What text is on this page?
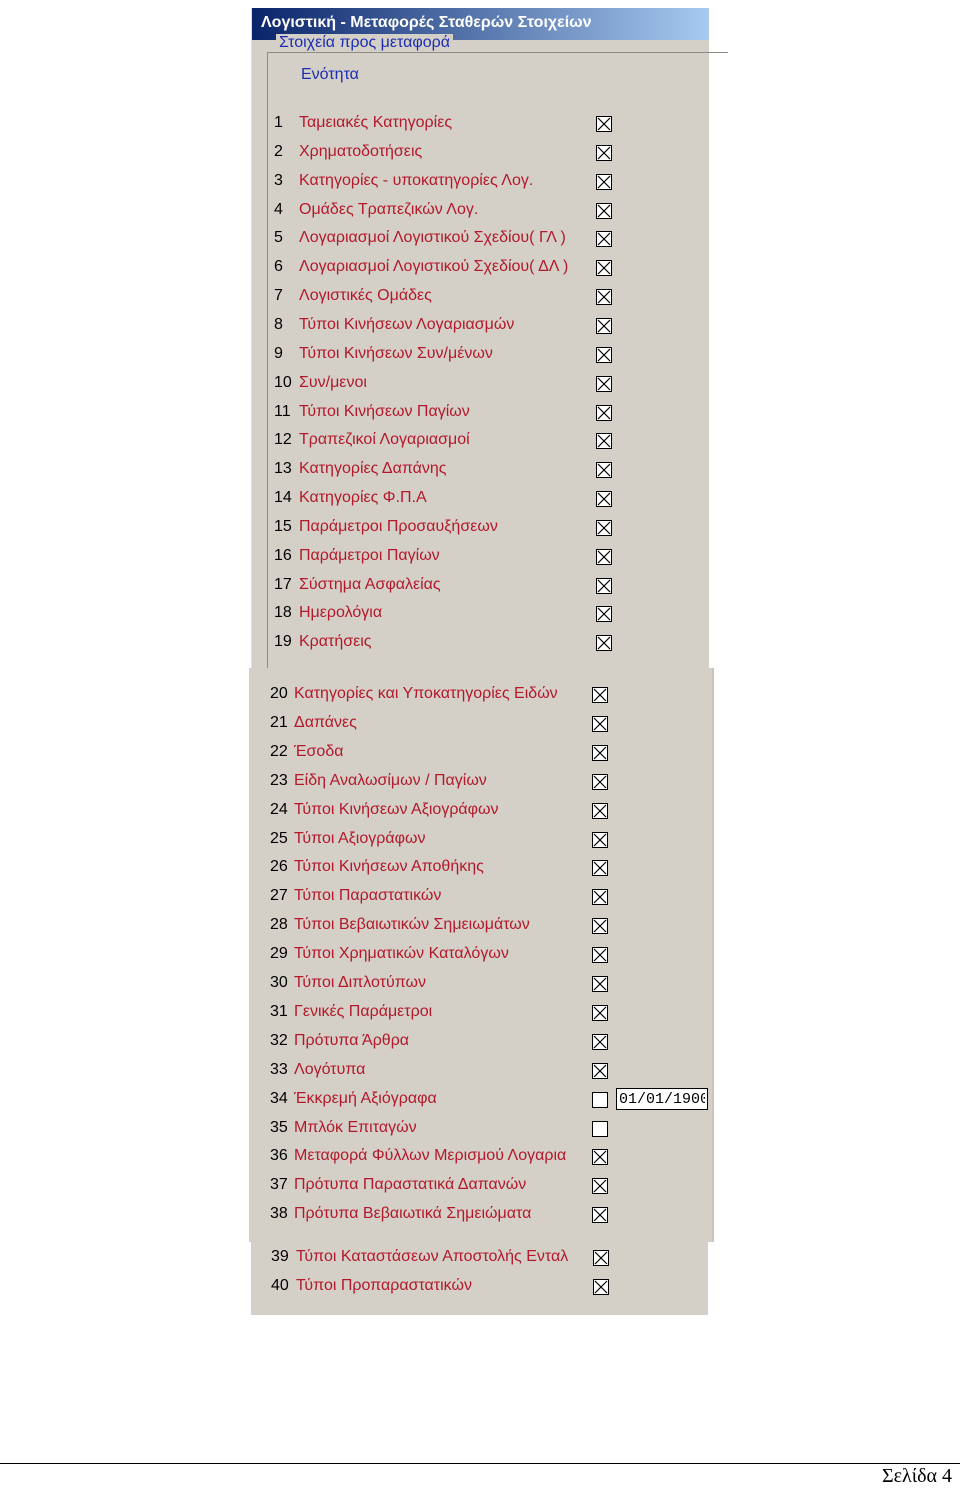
Λογιστική - Μεταφορές Σταθερών Στοιχείων
Στοιχεία προς μεταφορά
Ενότητα
1 Ταμειακές Κατηγορίες
2 Χρηματοδοτήσεις
3 Κατηγορίες - υποκατηγορίες Λογ.
4 Ομάδες Τραπεζικών Λογ.
5 Λογαριασμοί Λογιστικού Σχεδίου( ΓΛ )
6 Λογαριασμοί Λογιστικού Σχεδίου( ΔΛ )
7 Λογιστικές Ομάδες
8 Τύποι Κινήσεων Λογαριασμών
9 Τύποι Κινήσεων Συν/μένων
10 Συν/μενοι
11 Τύποι Κινήσεων Παγίων
12 Τραπεζικοί Λογαριασμοί
13 Κατηγορίες Δαπάνης
14 Κατηγορίες Φ.Π.Α
15 Παράμετροι Προσαυξήσεων
16 Παράμετροι Παγίων
17 Σύστημα Ασφαλείας
18 Ημερολόγια
19 Κρατήσεις
20 Κατηγορίες και Υποκατηγορίες Ειδών
21 Δαπάνες
22 Έσοδα
23 Είδη Αναλωσίμων / Παγίων
24 Τύποι Κινήσεων Αξιογράφων
25 Τύποι Αξιογράφων
26 Τύποι Κινήσεων Αποθήκης
27 Τύποι Παραστατικών
28 Τύποι Βεβαιωτικών Σημειωμάτων
29 Τύποι Χρηματικών Καταλόγων
30 Τύποι Διπλοτύπων
31 Γενικές Παράμετροι
32 Πρότυπα Άρθρα
33 Λογότυπα
34 Έκκρεμή Αξιόγραφα
35 Μπλόκ Επιταγών
36 Μεταφορά Φύλλων Μερισμού Λογαρια
37 Πρότυπα Παραστατικά Δαπανών
38 Πρότυπα Βεβαιωτικά Σημειώματα
39 Τύποι Καταστάσεων Αποστολής Ενταλ
40 Τύποι Προπαραστατικών
01/01/1900
Σελίδα 4
